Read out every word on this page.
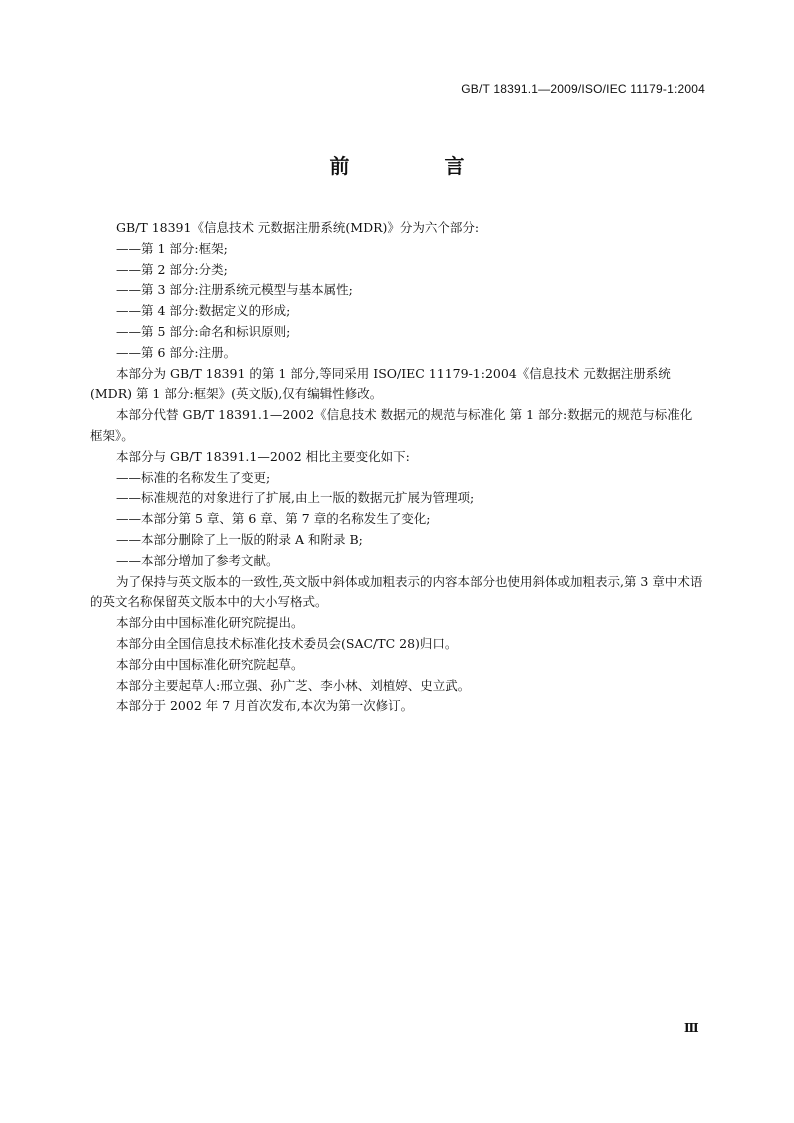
GB/T 18391.1—2009/ISO/IEC 11179-1:2004
前 言

GB/T 18391《信息技术 元数据注册系统(MDR)》分为六个部分:

——第 1 部分:框架;

——第 2 部分:分类;

——第 3 部分:注册系统元模型与基本属性;

——第 4 部分:数据定义的形成;

——第 5 部分:命名和标识原则;

——第 6 部分:注册。

本部分为 GB/T 18391 的第 1 部分,等同采用 ISO/IEC 11179-1:2004《信息技术 元数据注册系统(MDR) 第 1 部分:框架》(英文版),仅有编辑性修改。

本部分代替 GB/T 18391.1—2002《信息技术 数据元的规范与标准化 第 1 部分:数据元的规范与标准化框架》。

本部分与 GB/T 18391.1—2002 相比主要变化如下:

——标准的名称发生了变更;

——标准规范的对象进行了扩展,由上一版的数据元扩展为管理项;

——本部分第 5 章、第 6 章、第 7 章的名称发生了变化;

——本部分删除了上一版的附录 A 和附录 B;

——本部分增加了参考文献。

为了保持与英文版本的一致性,英文版中斜体或加粗表示的内容本部分也使用斜体或加粗表示,第 3 章中术语的英文名称保留英文版本中的大小写格式。

本部分由中国标准化研究院提出。

本部分由全国信息技术标准化技术委员会(SAC/TC 28)归口。

本部分由中国标准化研究院起草。

本部分主要起草人:邢立强、孙广芝、李小林、刘植婷、史立武。

本部分于 2002 年 7 月首次发布,本次为第一次修订。

Ⅲ
